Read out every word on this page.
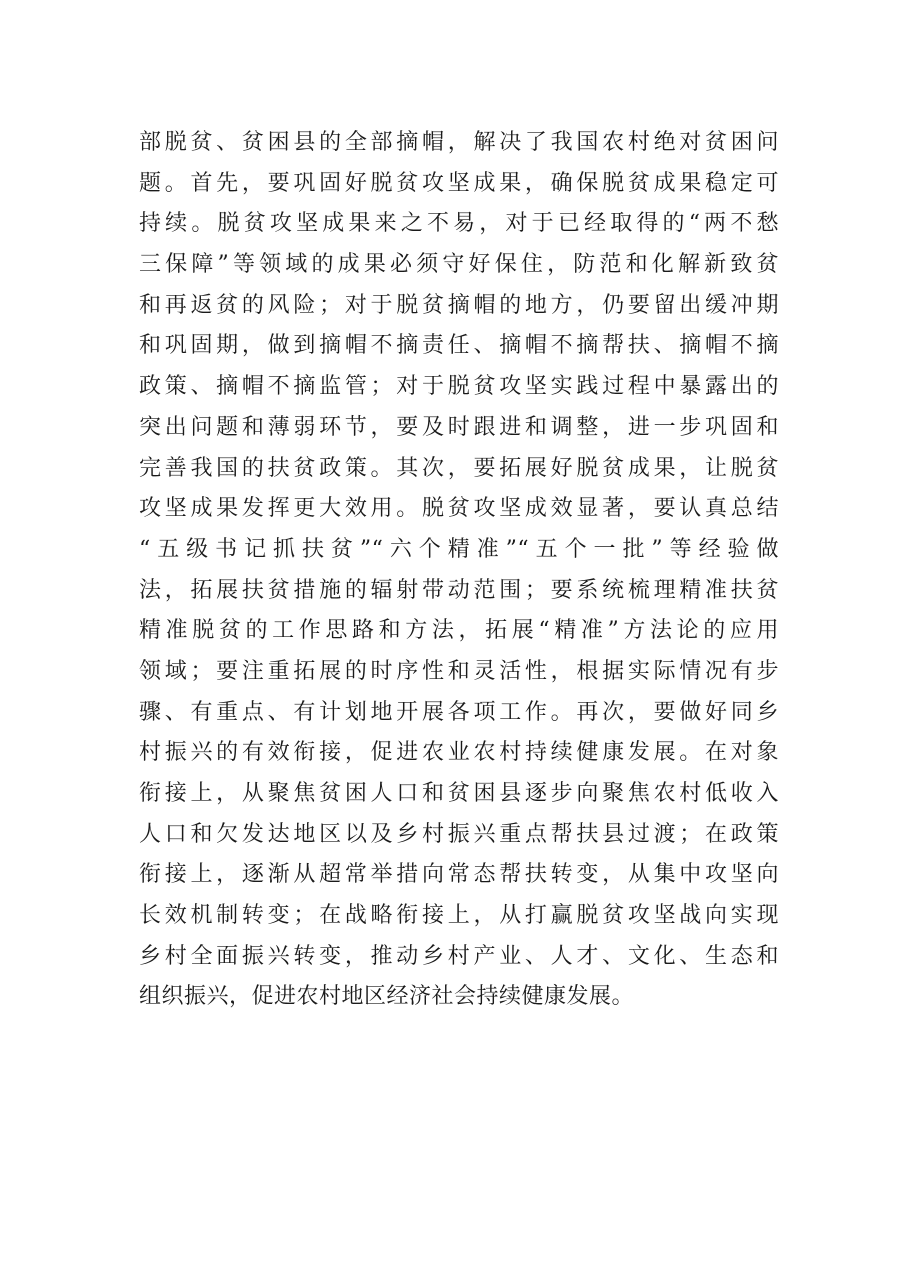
部脱贫、贫困县的全部摘帽，解决了我国农村绝对贫困问
题。首先，要巩固好脱贫攻坚成果，确保脱贫成果稳定可
持续。脱贫攻坚成果来之不易，对于已经取得的“两不愁
三保障”等领域的成果必须守好保住，防范和化解新致贫
和再返贫的风险；对于脱贫摘帽的地方，仍要留出缓冲期
和巩固期，做到摘帽不摘责任、摘帽不摘帮扶、摘帽不摘
政策、摘帽不摘监管；对于脱贫攻坚实践过程中暴露出的
突出问题和薄弱环节，要及时跟进和调整，进一步巩固和
完善我国的扶贫政策。其次，要拓展好脱贫成果，让脱贫
攻坚成果发挥更大效用。脱贫攻坚成效显著，要认真总结
“五级书记抓扶贫”“六个精准”“五个一批”等经验做
法，拓展扶贫措施的辐射带动范围；要系统梳理精准扶贫
精准脱贫的工作思路和方法，拓展“精准”方法论的应用
领域；要注重拓展的时序性和灵活性，根据实际情况有步
骤、有重点、有计划地开展各项工作。再次，要做好同乡
村振兴的有效衔接，促进农业农村持续健康发展。在对象
衔接上，从聚焦贫困人口和贫困县逐步向聚焦农村低收入
人口和欠发达地区以及乡村振兴重点帮扶县过渡；在政策
衔接上，逐渐从超常举措向常态帮扶转变，从集中攻坚向
长效机制转变；在战略衔接上，从打赢脱贫攻坚战向实现
乡村全面振兴转变，推动乡村产业、人才、文化、生态和
组织振兴，促进农村地区经济社会持续健康发展。
